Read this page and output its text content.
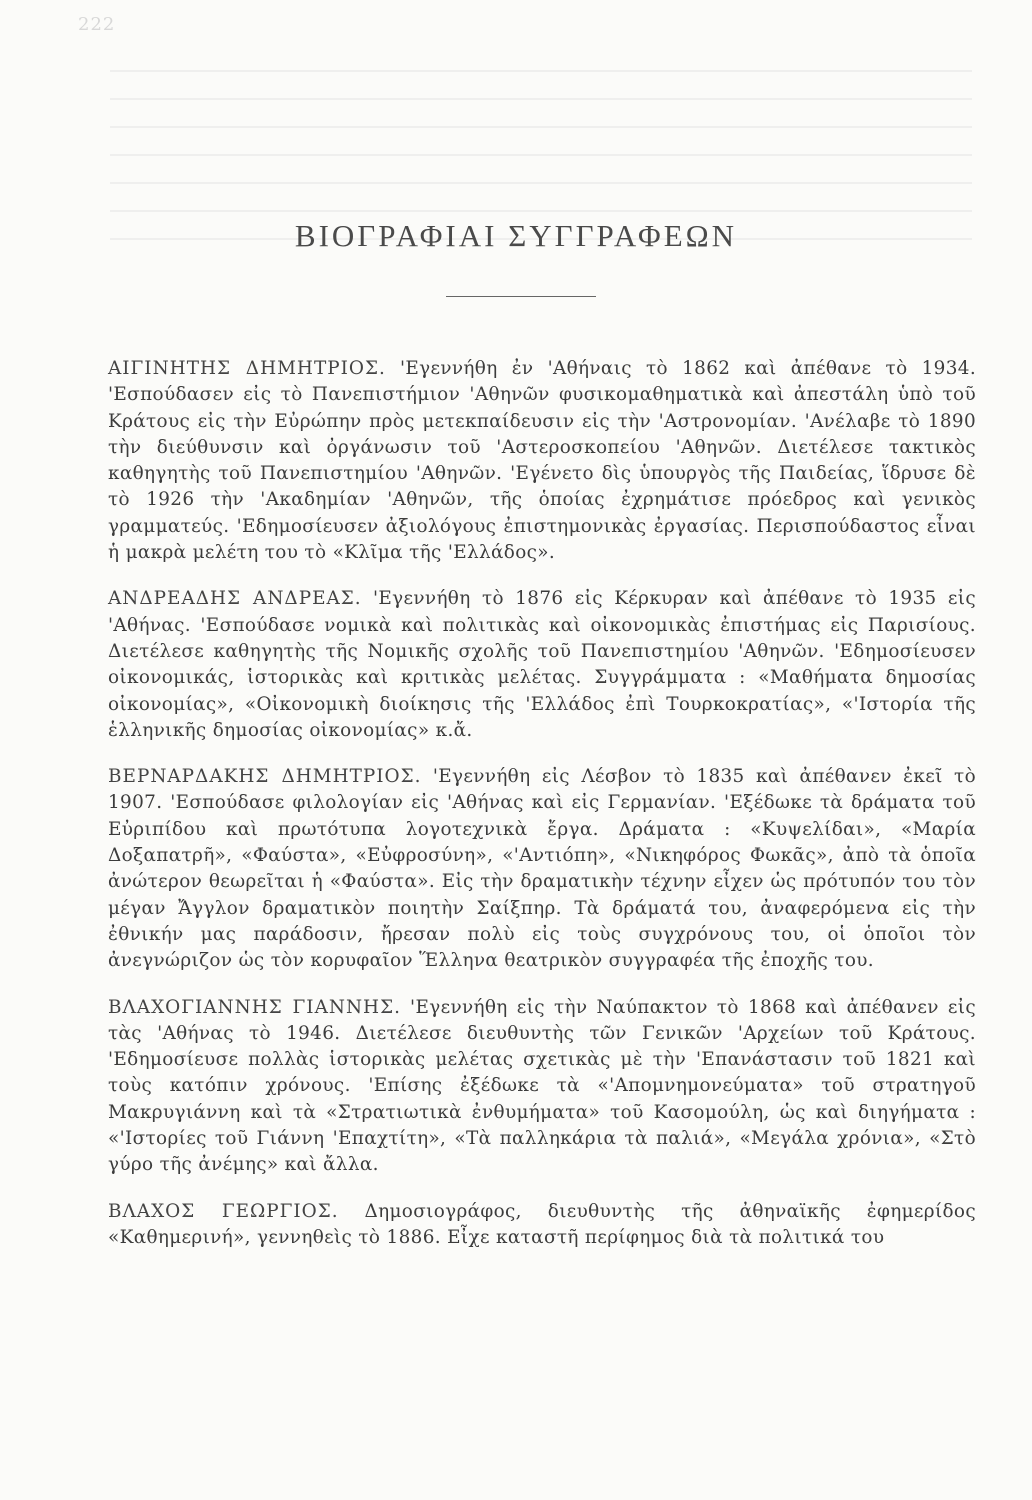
222
ΒΙΟΓΡΑΦΙΑΙ ΣΥΓΓΡΑΦΕΩΝ

ΑΙΓΙΝΗΤΗΣ ΔΗΜΗΤΡΙΟΣ. 'Εγεννήθη ἐν 'Αθήναις τὸ 1862 καὶ ἀπέθανε τὸ 1934. 'Εσπούδασεν εἰς τὸ Πανεπιστήμιον 'Αθηνῶν φυσικομαθηματικὰ καὶ ἀπεστάλη ὑπὸ τοῦ Κράτους εἰς τὴν Εὐρώπην πρὸς μετεκπαίδευσιν εἰς τὴν 'Αστρονομίαν. 'Ανέλαβε τὸ 1890 τὴν διεύθυνσιν καὶ ὀργάνωσιν τοῦ 'Αστεροσκοπείου 'Αθηνῶν. Διετέλεσε τακτικὸς καθηγητὴς τοῦ Πανεπιστημίου 'Αθηνῶν. 'Εγένετο δὶς ὑπουργὸς τῆς Παιδείας, ἵδρυσε δὲ τὸ 1926 τὴν 'Ακαδημίαν 'Αθηνῶν, τῆς ὁποίας ἐχρημάτισε πρόεδρος καὶ γενικὸς γραμματεύς. 'Εδημοσίευσεν ἀξιολόγους ἐπιστημονικὰς ἐργασίας. Περισπούδαστος εἶναι ἡ μακρὰ μελέτη του τὸ «Κλῖμα τῆς 'Ελλάδος».

ΑΝΔΡΕΑΔΗΣ ΑΝΔΡΕΑΣ. 'Εγεννήθη τὸ 1876 εἰς Κέρκυραν καὶ ἀπέθανε τὸ 1935 εἰς 'Αθήνας. 'Εσπούδασε νομικὰ καὶ πολιτικὰς καὶ οἰκονομικὰς ἐπιστήμας εἰς Παρισίους. Διετέλεσε καθηγητὴς τῆς Νομικῆς σχολῆς τοῦ Πανεπιστημίου 'Αθηνῶν. 'Εδημοσίευσεν οἰκονομικάς, ἱστορικὰς καὶ κριτικὰς μελέτας. Συγγράμματα : «Μαθήματα δημοσίας οἰκονομίας», «Οἰκονομικὴ διοίκησις τῆς 'Ελλάδος ἐπὶ Τουρκοκρατίας», «'Ιστορία τῆς ἑλληνικῆς δημοσίας οἰκονομίας» κ.ἄ.

ΒΕΡΝΑΡΔΑΚΗΣ ΔΗΜΗΤΡΙΟΣ. 'Εγεννήθη εἰς Λέσβον τὸ 1835 καὶ ἀπέθανεν ἐκεῖ τὸ 1907. 'Εσπούδασε φιλολογίαν εἰς 'Αθήνας καὶ εἰς Γερμανίαν. 'Εξέδωκε τὰ δράματα τοῦ Εὐριπίδου καὶ πρωτότυπα λογοτεχνικὰ ἔργα. Δράματα : «Κυψελίδαι», «Μαρία Δοξαπατρῆ», «Φαύστα», «Εὐφροσύνη», «'Αντιόπη», «Νικηφόρος Φωκᾶς», ἀπὸ τὰ ὁποῖα ἀνώτερον θεωρεῖται ἡ «Φαύστα». Εἰς τὴν δραματικὴν τέχνην εἶχεν ὡς πρότυπόν του τὸν μέγαν Ἄγγλον δραματικὸν ποιητὴν Σαίξπηρ. Τὰ δράματά του, ἀναφερόμενα εἰς τὴν ἐθνικήν μας παράδοσιν, ἤρεσαν πολὺ εἰς τοὺς συγχρόνους του, οἱ ὁποῖοι τὸν ἀνεγνώριζον ὡς τὸν κορυφαῖον Ἕλληνα θεατρικὸν συγγραφέα τῆς ἐποχῆς του.

ΒΛΑΧΟΓΙΑΝΝΗΣ ΓΙΑΝΝΗΣ. 'Εγεννήθη εἰς τὴν Ναύπακτον τὸ 1868 καὶ ἀπέθανεν εἰς τὰς 'Αθήνας τὸ 1946. Διετέλεσε διευθυντὴς τῶν Γενικῶν 'Αρχείων τοῦ Κράτους. 'Εδημοσίευσε πολλὰς ἱστορικὰς μελέτας σχετικὰς μὲ τὴν 'Επανάστασιν τοῦ 1821 καὶ τοὺς κατόπιν χρόνους. 'Επίσης ἐξέδωκε τὰ «'Απομνημονεύματα» τοῦ στρατηγοῦ Μακρυγιάννη καὶ τὰ «Στρατιωτικὰ ἐνθυμήματα» τοῦ Κασομούλη, ὡς καὶ διηγήματα : «'Ιστορίες τοῦ Γιάννη 'Επαχτίτη», «Τὰ παλληκάρια τὰ παλιά», «Μεγάλα χρόνια», «Στὸ γύρο τῆς ἀνέμης» καὶ ἄλλα.

ΒΛΑΧΟΣ ΓΕΩΡΓΙΟΣ. Δημοσιογράφος, διευθυντὴς τῆς ἀθηναϊκῆς ἐφημερίδος «Καθημερινή», γεννηθεὶς τὸ 1886. Εἶχε καταστῆ περίφημος διὰ τὰ πολιτικά του
